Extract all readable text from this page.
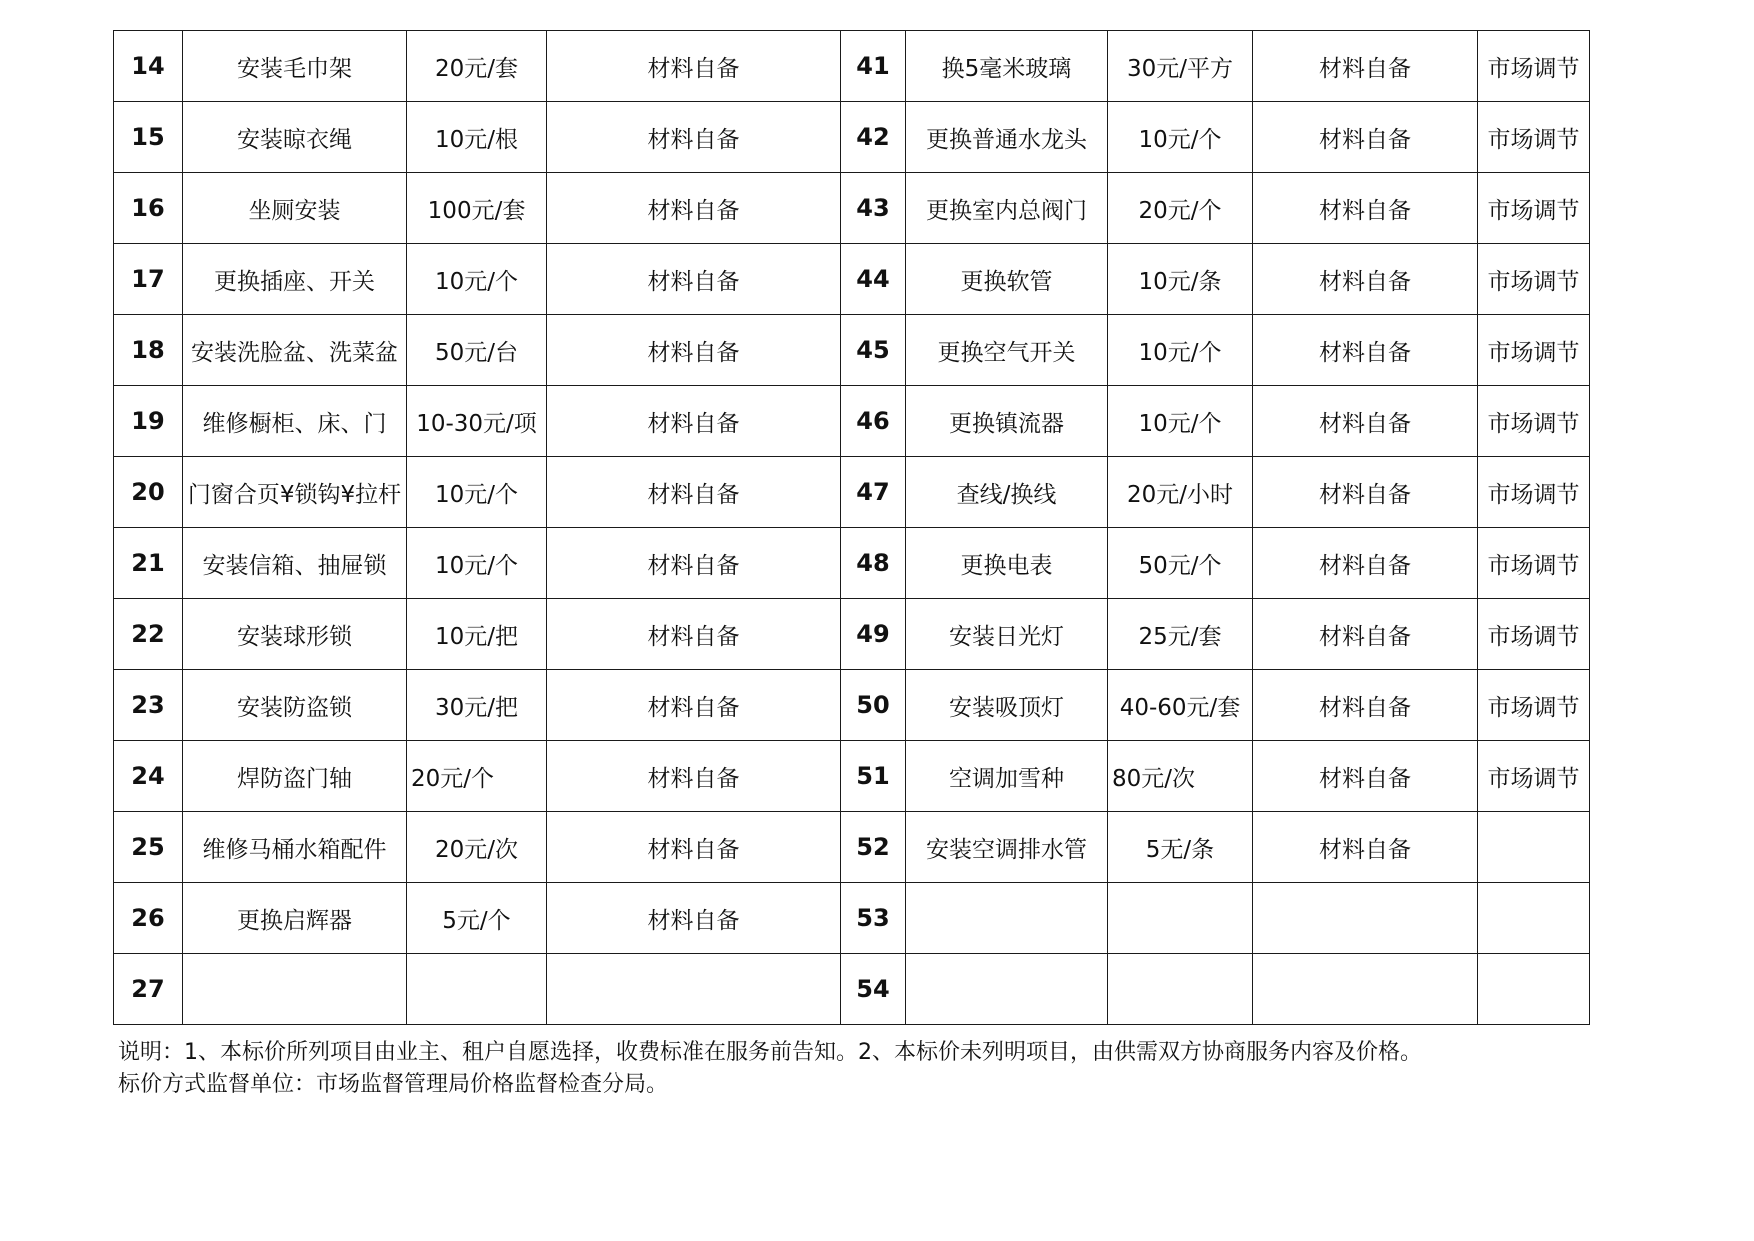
14	安装毛巾架	20元/套	材料自备	41	换5毫米玻璃	30元/平方	材料自备	市场调节
15	安装晾衣绳	10元/根	材料自备	42	更换普通水龙头	10元/个	材料自备	市场调节
16	坐厕安装	100元/套	材料自备	43	更换室内总阀门	20元/个	材料自备	市场调节
17	更换插座、开关	10元/个	材料自备	44	更换软管	10元/条	材料自备	市场调节
18	安装洗脸盆、洗菜盆	50元/台	材料自备	45	更换空气开关	10元/个	材料自备	市场调节
19	维修橱柜、床、门	10-30元/项	材料自备	46	更换镇流器	10元/个	材料自备	市场调节
20	门窗合页¥锁钩¥拉杆	10元/个	材料自备	47	查线/换线	20元/小时	材料自备	市场调节
21	安装信箱、抽屉锁	10元/个	材料自备	48	更换电表	50元/个	材料自备	市场调节
22	安装球形锁	10元/把	材料自备	49	安装日光灯	25元/套	材料自备	市场调节
23	安装防盗锁	30元/把	材料自备	50	安装吸顶灯	40-60元/套	材料自备	市场调节
24	焊防盗门轴	20元/个	材料自备	51	空调加雪种	80元/次	材料自备	市场调节
25	维修马桶水箱配件	20元/次	材料自备	52	安装空调排水管	5无/条	材料自备	
26	更换启辉器	5元/个	材料自备	53				
27				54				
说明：1、本标价所列项目由业主、租户自愿选择，收费标准在服务前告知。2、本标价未列明项目，由供需双方协商服务内容及价格。
标价方式监督单位：市场监督管理局价格监督检查分局。
